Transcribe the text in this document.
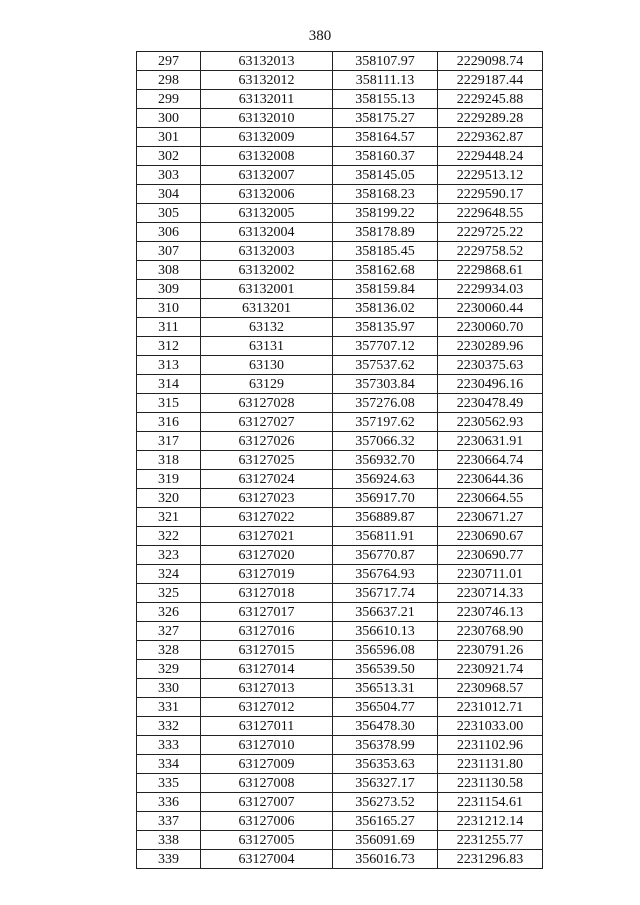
380
297	63132013	358107.97	2229098.74
298	63132012	358111.13	2229187.44
299	63132011	358155.13	2229245.88
300	63132010	358175.27	2229289.28
301	63132009	358164.57	2229362.87
302	63132008	358160.37	2229448.24
303	63132007	358145.05	2229513.12
304	63132006	358168.23	2229590.17
305	63132005	358199.22	2229648.55
306	63132004	358178.89	2229725.22
307	63132003	358185.45	2229758.52
308	63132002	358162.68	2229868.61
309	63132001	358159.84	2229934.03
310	6313201	358136.02	2230060.44
311	63132	358135.97	2230060.70
312	63131	357707.12	2230289.96
313	63130	357537.62	2230375.63
314	63129	357303.84	2230496.16
315	63127028	357276.08	2230478.49
316	63127027	357197.62	2230562.93
317	63127026	357066.32	2230631.91
318	63127025	356932.70	2230664.74
319	63127024	356924.63	2230644.36
320	63127023	356917.70	2230664.55
321	63127022	356889.87	2230671.27
322	63127021	356811.91	2230690.67
323	63127020	356770.87	2230690.77
324	63127019	356764.93	2230711.01
325	63127018	356717.74	2230714.33
326	63127017	356637.21	2230746.13
327	63127016	356610.13	2230768.90
328	63127015	356596.08	2230791.26
329	63127014	356539.50	2230921.74
330	63127013	356513.31	2230968.57
331	63127012	356504.77	2231012.71
332	63127011	356478.30	2231033.00
333	63127010	356378.99	2231102.96
334	63127009	356353.63	2231131.80
335	63127008	356327.17	2231130.58
336	63127007	356273.52	2231154.61
337	63127006	356165.27	2231212.14
338	63127005	356091.69	2231255.77
339	63127004	356016.73	2231296.83
